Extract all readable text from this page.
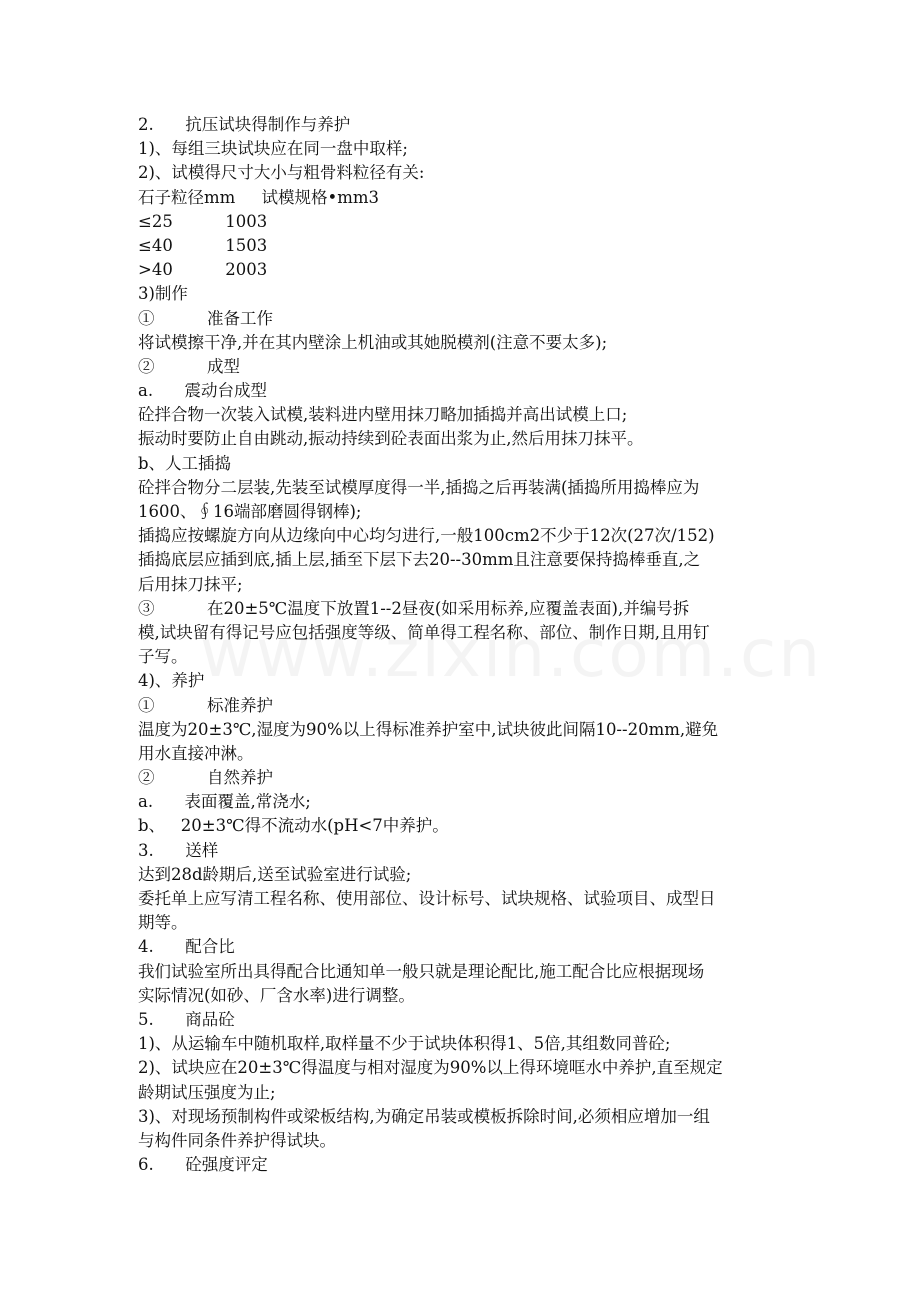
2.      抗压试块得制作与养护
1)、每组三块试块应在同一盘中取样;
2)、试模得尺寸大小与粗骨料粒径有关:
石子粒径mm     试模规格•mm3
≤25          1003
≤40          1503
>40          2003
3)制作
①          准备工作
将试模擦干净,并在其内壁涂上机油或其她脱模剂(注意不要太多);
②          成型
a.      震动台成型
砼拌合物一次装入试模,装料进内壁用抹刀略加插捣并高出试模上口;
振动时要防止自由跳动,振动持续到砼表面出浆为止,然后用抹刀抹平。
b、人工插捣
砼拌合物分二层装,先装至试模厚度得一半,插捣之后再装满(插捣所用捣棒应为
1600、∮16端部磨圆得钢棒);
插捣应按螺旋方向从边缘向中心均匀进行,一般100cm2不少于12次(27次/152)
插捣底层应插到底,插上层,插至下层下去20--30mm且注意要保持捣棒垂直,之
后用抹刀抹平;
③          在20±5℃温度下放置1--2昼夜(如采用标养,应覆盖表面),并编号拆
模,试块留有得记号应包括强度等级、简单得工程名称、部位、制作日期,且用钉
子写。
4)、养护
①          标准养护
温度为20±3℃,湿度为90%以上得标准养护室中,试块彼此间隔10--20mm,避免
用水直接冲淋。
②          自然养护
a.      表面覆盖,常浇水;
b、   20±3℃得不流动水(pH<7中养护。
3.      送样
达到28d龄期后,送至试验室进行试验;
委托单上应写清工程名称、使用部位、设计标号、试块规格、试验项目、成型日
期等。
4.      配合比
我们试验室所出具得配合比通知单一般只就是理论配比,施工配合比应根据现场
实际情况(如砂、厂含水率)进行调整。
5.      商品砼
1)、从运输车中随机取样,取样量不少于试块体积得1、5倍,其组数同普砼;
2)、试块应在20±3℃得温度与相对湿度为90%以上得环境哐水中养护,直至规定
龄期试压强度为止;
3)、对现场预制构件或梁板结构,为确定吊装或模板拆除时间,必须相应增加一组
与构件同条件养护得试块。
6.      砼强度评定
